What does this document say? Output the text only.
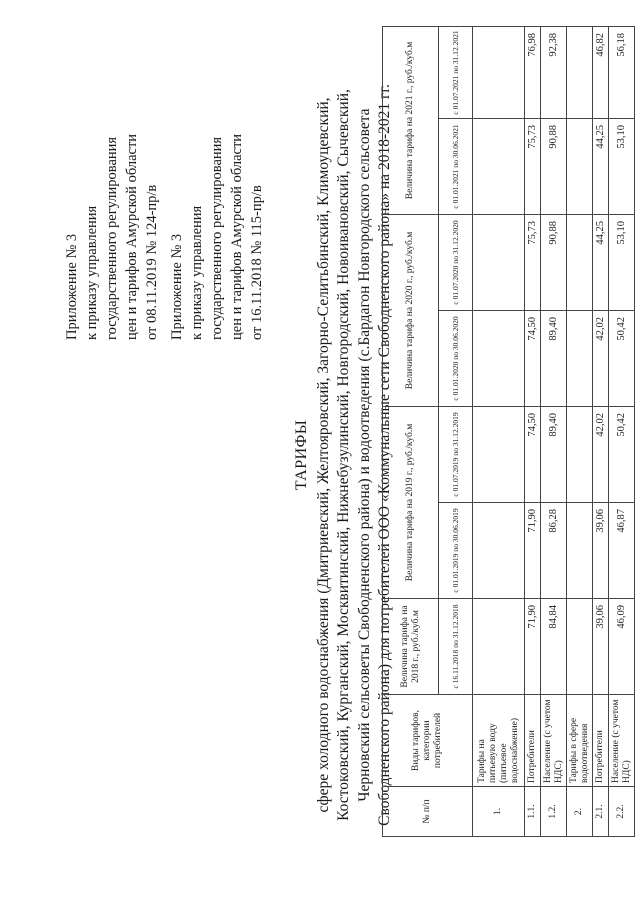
Приложение № 3 к приказу управления государственного регулирования цен и тарифов Амурской области от 08.11.2019 № 124-пр/в Приложение № 3 к приказу управления государственного регулирования цен и тарифов Амурской области от 16.11.2018 № 115-пр/в
ТАРИФЫ сфере холодного водоснабжения (Дмитриевский, Желтояровский, Загорно-Селитьбинский, Климоуцевский, Костоковский, Курганский, Москвитинский, Нижнебузулинский, Новгородский, Новоивановский, Сычевский, Черновский сельсоветы Свободненского района) и водоотведения (с.Бардагон Новгородского сельсовета Свободненского района) для потребителей ООО «Коммунальные сети Свободненского района» на 2018-2021 гг.	№ п/п	Виды тарифов, категории потребителей	Величина тарифа на 2018 г., руб./куб.м	Величина тарифа на 2019 г., руб./куб.м		Величина тарифа на 2020 г., руб./куб.м		Величина тарифа на 2021 г., руб./куб.м	
		с 16.11.2018 по 31.12.2018	с 01.01.2019 по 30.06.2019	с 01.07.2019 по 31.12.2019	с 01.01.2020 по 30.06.2020	с 01.07.2020 по 31.12.2020	с 01.01.2021 по 30.06.2021	с 01.07.2021 по 31.12.2021
1.	Тарифы на питьевую воду (питьевое водоснабжение)							
1.1.	Потребители	71,90	71,90	74,50	74,50	75,73	75,73	76,98
1.2.	Население (с учетом НДС)	84,84	86,28	89,40	89,40	90,88	90,88	92,38
2.	Тарифы в сфере водоотведения							
2.1.	Потребители	39,06	39,06	42,02	42,02	44,25	44,25	46,82
2.2.	Население (с учетом НДС)	46,09	46,87	50,42	50,42	53,10	53,10	56,18
